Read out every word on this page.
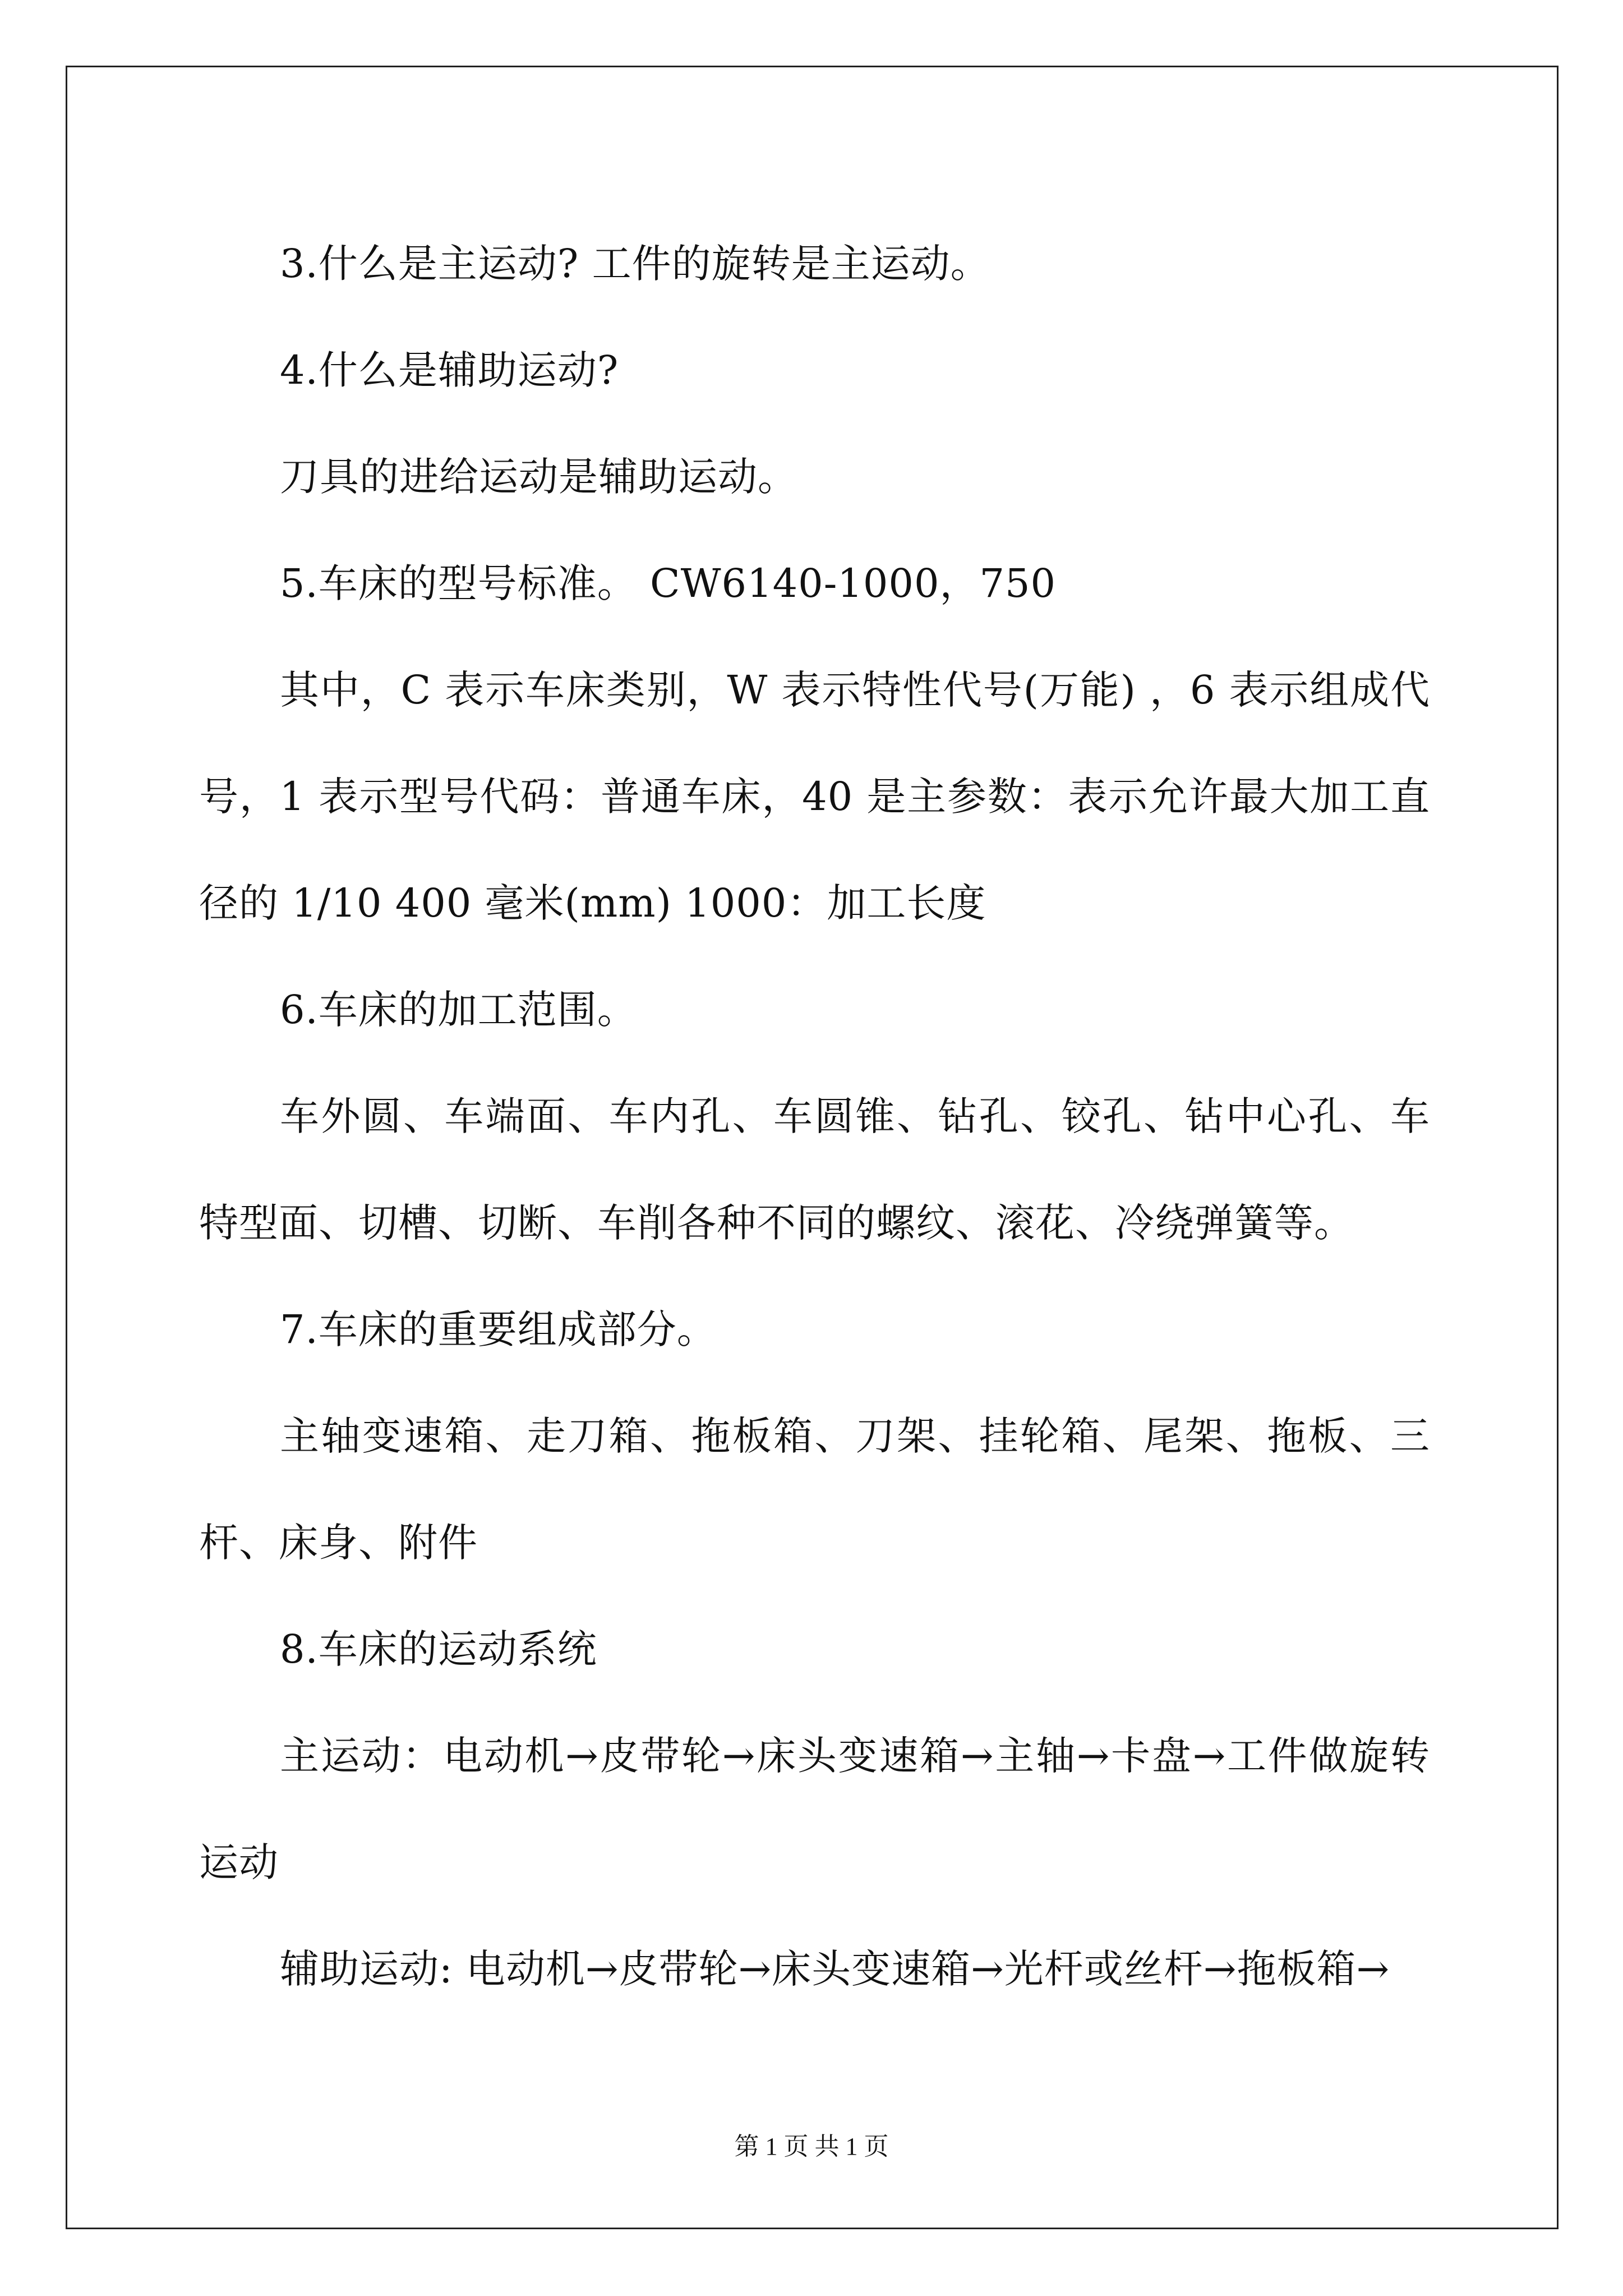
3.什么是主运动? 工件的旋转是主运动。

4.什么是辅助运动?

刀具的进给运动是辅助运动。

5.车床的型号标准。 CW6140-1000，750

其中，C 表示车床类别，W 表示特性代号(万能) ，6 表示组成代号，1 表示型号代码：普通车床，40 是主参数：表示允许最大加工直径的 1/10 400 毫米(mm) 1000：加工长度

6.车床的加工范围。

车外圆、车端面、车内孔、车圆锥、钻孔、铰孔、钻中心孔、车特型面、切槽、切断、车削各种不同的螺纹、滚花、冷绕弹簧等。

7.车床的重要组成部分。

主轴变速箱、走刀箱、拖板箱、刀架、挂轮箱、尾架、拖板、三杆、床身、附件

8.车床的运动系统

主运动：电动机→皮带轮→床头变速箱→主轴→卡盘→工件做旋转运动

辅助运动: 电动机→皮带轮→床头变速箱→光杆或丝杆→拖板箱→

第 1 页 共 1 页
